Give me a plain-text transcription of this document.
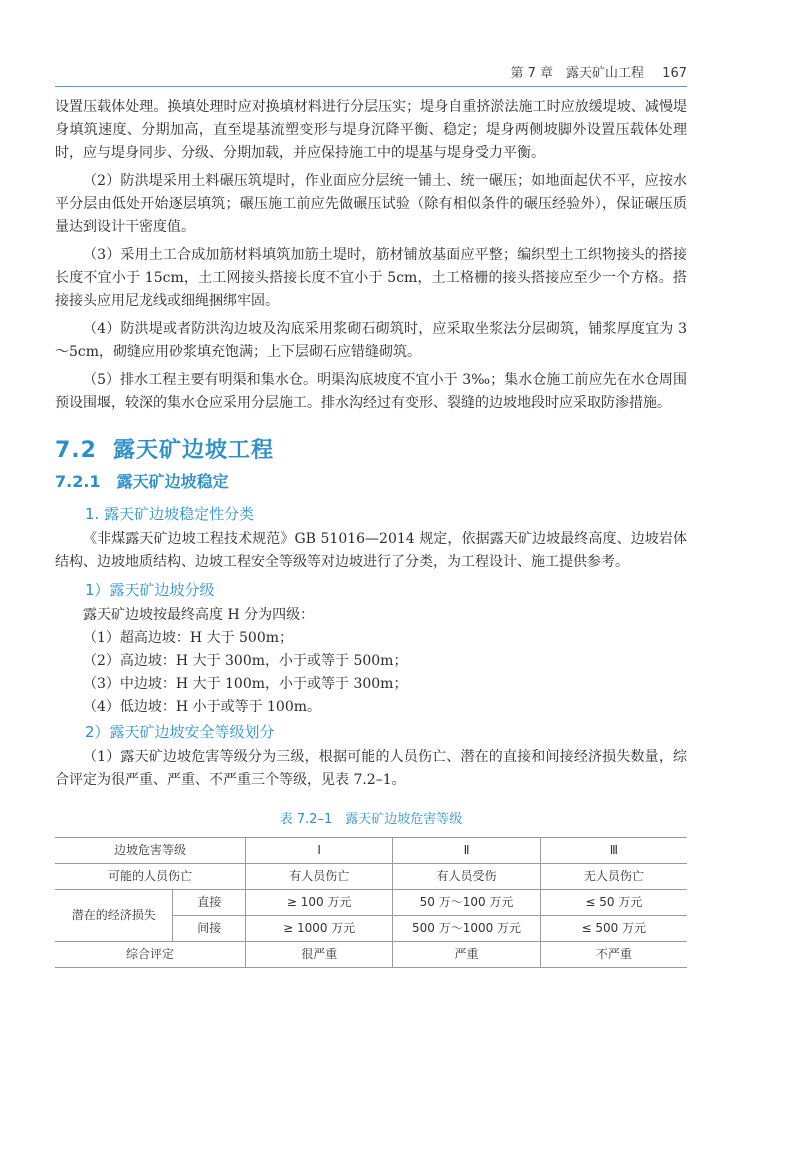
第 7 章　露天矿山工程 167

设置压载体处理。换填处理时应对换填材料进行分层压实；堤身自重挤淤法施工时应放缓堤坡、减慢堤身填筑速度、分期加高，直至堤基流塑变形与堤身沉降平衡、稳定；堤身两侧坡脚外设置压载体处理时，应与堤身同步、分级、分期加载，并应保持施工中的堤基与堤身受力平衡。

（2）防洪堤采用土料碾压筑堤时，作业面应分层统一铺土、统一碾压；如地面起伏不平，应按水平分层由低处开始逐层填筑；碾压施工前应先做碾压试验（除有相似条件的碾压经验外），保证碾压质量达到设计干密度值。

（3）采用土工合成加筋材料填筑加筋土堤时，筋材铺放基面应平整；编织型土工织物接头的搭接长度不宜小于 15cm，土工网接头搭接长度不宜小于 5cm，土工格栅的接头搭接应至少一个方格。搭接接头应用尼龙线或细绳捆绑牢固。

（4）防洪堤或者防洪沟边坡及沟底采用浆砌石砌筑时，应采取坐浆法分层砌筑，铺浆厚度宜为 3～5cm，砌缝应用砂浆填充饱满；上下层砌石应错缝砌筑。

（5）排水工程主要有明渠和集水仓。明渠沟底坡度不宜小于 3‰；集水仓施工前应先在水仓周围预设围堰，较深的集水仓应采用分层施工。排水沟经过有变形、裂缝的边坡地段时应采取防渗措施。

7.2 露天矿边坡工程
7.2.1 露天矿边坡稳定
1. 露天矿边坡稳定性分类

《非煤露天矿边坡工程技术规范》GB 51016—2014 规定，依据露天矿边坡最终高度、边坡岩体结构、边坡地质结构、边坡工程安全等级等对边坡进行了分类，为工程设计、施工提供参考。

1）露天矿边坡分级

露天矿边坡按最终高度 H 分为四级：

（1）超高边坡：H 大于 500m；

（2）高边坡：H 大于 300m，小于或等于 500m；

（3）中边坡：H 大于 100m，小于或等于 300m；

（4）低边坡：H 小于或等于 100m。

2）露天矿边坡安全等级划分

（1）露天矿边坡危害等级分为三级，根据可能的人员伤亡、潜在的直接和间接经济损失数量，综合评定为很严重、严重、不严重三个等级，见表 7.2–1。

表 7.2–1　露天矿边坡危害等级
边坡危害等级		Ⅰ	Ⅱ	Ⅲ
可能的人员伤亡		有人员伤亡	有人员受伤	无人员伤亡
潜在的经济损失	直接	≥ 100 万元	50 万～100 万元	≤ 50 万元
	间接	≥ 1000 万元	500 万～1000 万元	≤ 500 万元
综合评定		很严重	严重	不严重
